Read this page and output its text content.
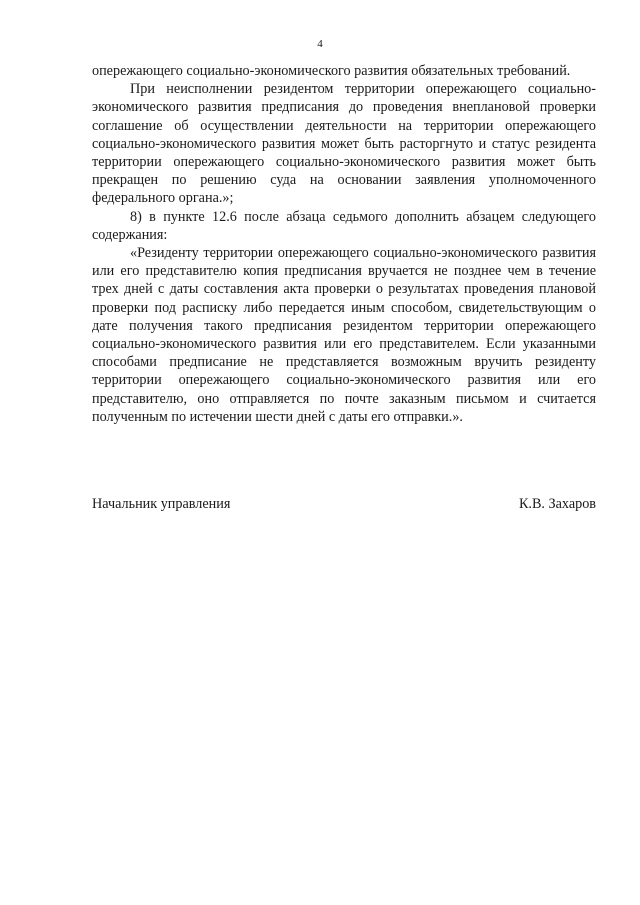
4

опережающего социально-экономического развития обязательных требований.

При неисполнении резидентом территории опережающего социально-экономического развития предписания до проведения внеплановой проверки соглашение об осуществлении деятельности на территории опережающего социально-экономического развития может быть расторгнуто и статус резидента территории опережающего социально-экономического развития может быть прекращен по решению суда на основании заявления уполномоченного федерального органа.»;

8) в пункте 12.6 после абзаца седьмого дополнить абзацем следующего содержания:

«Резиденту территории опережающего социально-экономического развития или его представителю копия предписания вручается не позднее чем в течение трех дней с даты составления акта проверки о результатах проведения плановой проверки под расписку либо передается иным способом, свидетельствующим о дате получения такого предписания резидентом территории опережающего социально-экономического развития или его представителем. Если указанными способами предписание не представляется возможным вручить резиденту территории опережающего социально-экономического развития или его представителю, оно отправляется по почте заказным письмом и считается полученным по истечении шести дней с даты его отправки.».

Начальник управления	К.В. Захаров
